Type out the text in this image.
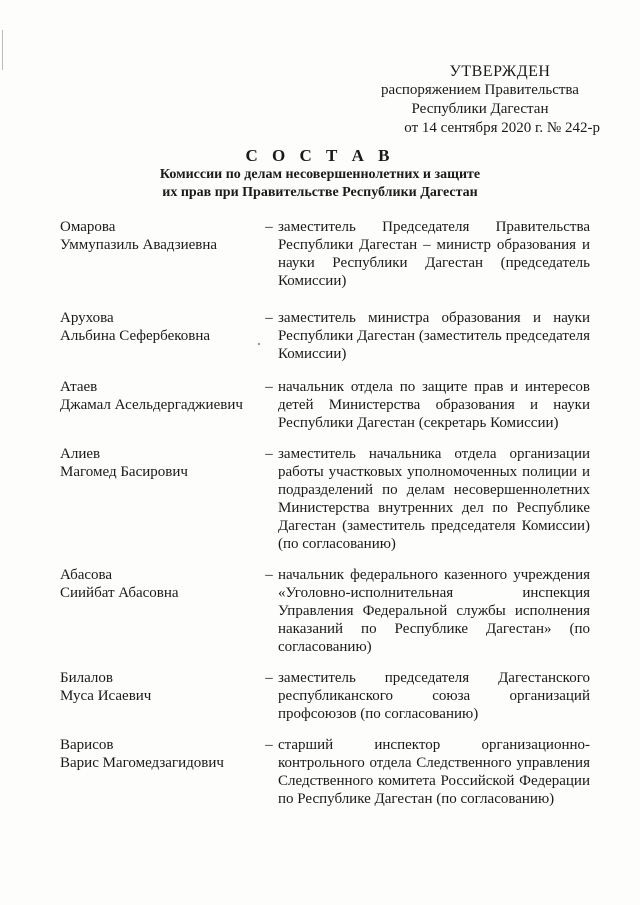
УТВЕРЖДЕН
распоряжением Правительства
Республики Дагестан
от 14 сентября 2020 г. № 242-р
С О С Т А В
Комиссии по делам несовершеннолетних и защите
их прав при Правительстве Республики Дагестан
Омарова
Уммупазиль Авадзиевна
– заместитель Председателя Правительства Республики Дагестан – министр образования и науки Республики Дагестан (председатель Комиссии)
Арухова
Альбина Сефербековна
– заместитель министра образования и науки Республики Дагестан (заместитель председателя Комиссии)
Атаев
Джамал Асельдергаджиевич
– начальник отдела по защите прав и интересов детей Министерства образования и науки Республики Дагестан (секретарь Комиссии)
Алиев
Магомед Басирович
– заместитель начальника отдела организации работы участковых уполномоченных полиции и подразделений по делам несовершеннолетних Министерства внутренних дел по Республике Дагестан (заместитель председателя Комиссии) (по согласованию)
Абасова
Сиийбат Абасовна
– начальник федерального казенного учреждения «Уголовно-исполнительная инспекция Управления Федеральной службы исполнения наказаний по Республике Дагестан» (по согласованию)
Билалов
Муса Исаевич
– заместитель председателя Дагестанского республиканского союза организаций профсоюзов (по согласованию)
Варисов
Варис Магомедзагидович
– старший инспектор организационно-контрольного отдела Следственного управления Следственного комитета Российской Федерации по Республике Дагестан (по согласованию)
